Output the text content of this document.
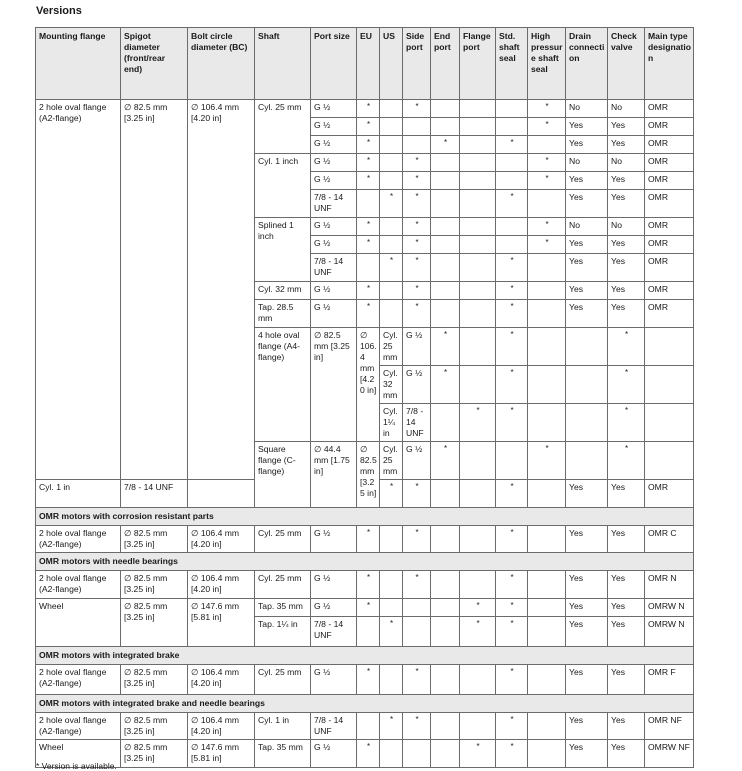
Versions
Mounting flange	Spigot diameter (front/rear end)	Bolt circle diameter (BC)	Shaft	Port size	EU	US	Side port	End port	Flange port	Std. shaft seal	High pressure shaft seal	Drain connection	Check valve	Main type designation	
2 hole oval flange (A2-flange)	∅ 82.5 mm [3.25 in]	∅ 106.4 mm [4.20 in]	Cyl. 25 mm	G ½	*		*				*	No	No	OMR	
				G ½	*						*	Yes	Yes	OMR	
				G ½	*			*		*		Yes	Yes	OMR	
			Cyl. 1 inch	G ½	*		*				*	No	No	OMR	
				G ½	*		*				*	Yes	Yes	OMR	
				7/8 - 14 UNF		*	*			*		Yes	Yes	OMR	
			Splined 1 inch	G ½	*		*				*	No	No	OMR	
				G ½	*		*				*	Yes	Yes	OMR	
				7/8 - 14 UNF		*	*			*		Yes	Yes	OMR	
			Cyl. 32 mm	G ½	*		*			*		Yes	Yes	OMR	
			Tap. 28.5 mm	G ½	*		*			*		Yes	Yes	OMR	
			4 hole oval flange (A4-flange)	∅ 82.5 mm [3.25 in]	∅ 106.4 mm [4.20 in]	Cyl. 25 mm	G ½	*		*			*				
						Cyl. 32 mm	G ½	*		*			*				
						Cyl. 1¼ in	7/8 - 14 UNF		*	*			*				
			Square flange (C-flange)	∅ 44.4 mm [1.75 in]	∅ 82.5 mm [3.25 in]	Cyl. 25 mm	G ½	*			*		*				
Cyl. 1 in	7/8 - 14 UNF					*	*			*		Yes	Yes	OMR	
OMR motors with corrosion resistant parts															
2 hole oval flange (A2-flange)	∅ 82.5 mm [3.25 in]	∅ 106.4 mm [4.20 in]	Cyl. 25 mm	G ½	*		*			*		Yes	Yes	OMR C	
OMR motors with needle bearings															
2 hole oval flange (A2-flange)	∅ 82.5 mm [3.25 in]	∅ 106.4 mm [4.20 in]	Cyl. 25 mm	G ½	*		*			*		Yes	Yes	OMR N	
Wheel	∅ 82.5 mm [3.25 in]	∅ 147.6 mm [5.81 in]	Tap. 35 mm	G ½	*				*	*		Yes	Yes	OMRW N	
			Tap. 1¼ in	7/8 - 14 UNF		*			*	*		Yes	Yes	OMRW N	
OMR motors with integrated brake															
2 hole oval flange (A2-flange)	∅ 82.5 mm [3.25 in]	∅ 106.4 mm [4.20 in]	Cyl. 25 mm	G ½	*		*			*		Yes	Yes	OMR F	
OMR motors with integrated brake and needle bearings															
2 hole oval flange (A2-flange)	∅ 82.5 mm [3.25 in]	∅ 106.4 mm [4.20 in]	Cyl. 1 in	7/8 - 14 UNF		*	*			*		Yes	Yes	OMR NF	
Wheel	∅ 82.5 mm [3.25 in]	∅ 147.6 mm [5.81 in]	Tap. 35 mm	G ½	*				*	*		Yes	Yes	OMRW NF	
* Version is available.
